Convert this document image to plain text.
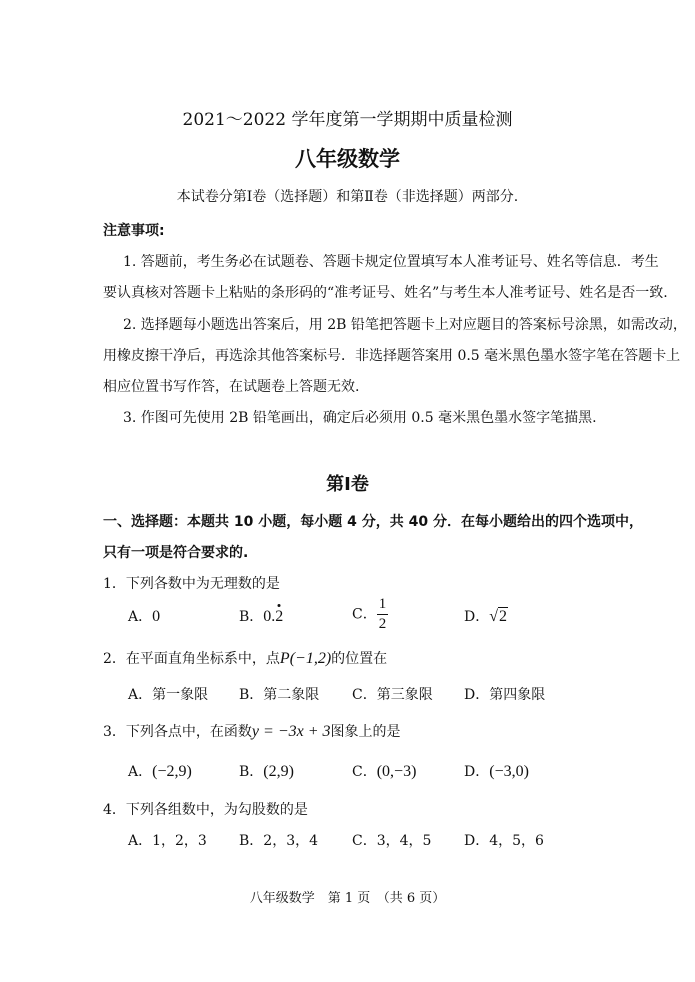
2021～2022 学年度第一学期期中质量检测
八年级数学
本试卷分第Ⅰ卷（选择题）和第Ⅱ卷（非选择题）两部分.
注意事项:
1. 答题前，考生务必在试题卷、答题卡规定位置填写本人准考证号、姓名等信息．考生
要认真核对答题卡上粘贴的条形码的“准考证号、姓名”与考生本人准考证号、姓名是否一致.
2. 选择题每小题选出答案后，用 2B 铅笔把答题卡上对应题目的答案标号涂黑，如需改动，
用橡皮擦干净后，再选涂其他答案标号．非选择题答案用 0.5 毫米黑色墨水签字笔在答题卡上
相应位置书写作答，在试题卷上答题无效.
3. 作图可先使用 2B 铅笔画出，确定后必须用 0.5 毫米黑色墨水签字笔描黑.
第Ⅰ卷
一、选择题：本题共 10 小题，每小题 4 分，共 40 分．在每小题给出的四个选项中，
只有一项是符合要求的.
1．下列各数中为无理数的是
A．0	B．0.2	C． $\frac{1}{2}$	D．√2
2．在平面直角坐标系中，点P(−1,2)的位置在
A．第一象限 B．第二象限 C．第三象限 D．第四象限
3．下列各点中，在函数y = −3x + 3图象上的是
A．(−2,9)	B．(2,9)	C．(0,−3)	D．(−3,0)
4．下列各组数中，为勾股数的是
A．1，2，3 B．2，3，4 C．3，4，5 D．4，5，6
八年级数学　第 1 页　（共 6 页）
